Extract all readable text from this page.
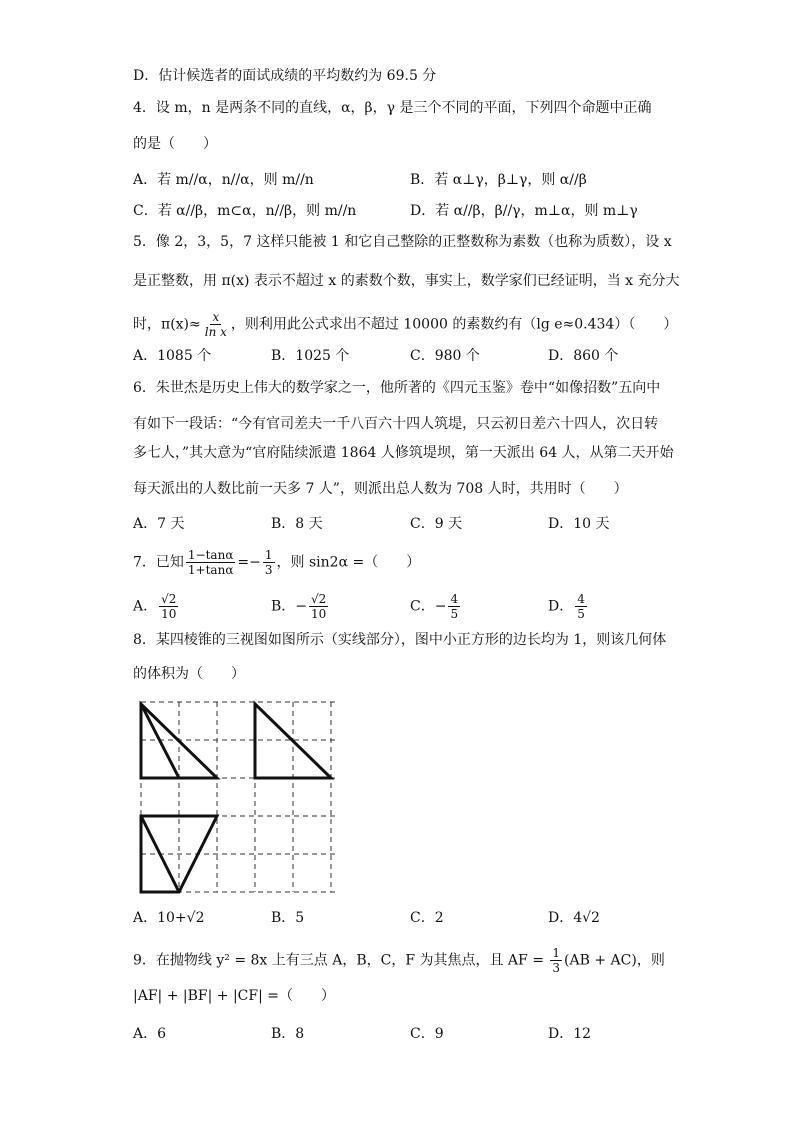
D．估计候选者的面试成绩的平均数约为 69.5 分
4．设 m，n 是两条不同的直线，α，β，γ 是三个不同的平面，下列四个命题中正确
的是（　　）
A．若 m//α，n//α，则 m//n	B．若 α⊥γ，β⊥γ，则 α//β
C．若 α//β，m⊂α，n//β，则 m//n	D．若 α//β，β//γ，m⊥α，则 m⊥γ
5．像 2，3，5，7 这样只能被 1 和它自己整除的正整数称为素数（也称为质数），设 x
是正整数，用 π(x) 表示不超过 x 的素数个数，事实上，数学家们已经证明，当 x 充分大
时，$\pi(x)\approx \frac{x}{\text{ln x}}$ ，则利用此公式求出不超过 10000 的素数约有（lg e≈0.434）（　　）
A．1085 个	B．1025 个	C．980 个	D．860 个
6．朱世杰是历史上伟大的数学家之一，他所著的《四元玉鉴》卷中“如像招数”五向中
有如下一段话：“今有官司差夫一千八百六十四人筑堤，只云初日差六十四人，次日转
多七人，”其大意为“官府陆续派遣 1864 人修筑堤坝，第一天派出 64 人，从第二天开始
每天派出的人数比前一天多 7 人”，则派出总人数为 708 人时，共用时（　　）
A．7 天	B．8 天	C．9 天	D．10 天
7．已知 $\frac{1-\tan\alpha}{1+\tan\alpha} =- \frac{1}{3}$ ，则 sin2α =（　　）
A． $\frac{√2}{10}$	B．− $\frac{√2}{10}$	C．− $\frac{4}{5}$	D． $\frac{4}{5}$
8．某四棱锥的三视图如图所示（实线部分），图中小正方形的边长均为 1，则该几何体
的体积为（　　）
A．10+√2	B．5	C．2	D．4√2
9．在抛物线 y² = 8x 上有三点 A，B，C，F 为其焦点，且 AF = $\frac{1}{3} (AB + AC)$，则
|AF| + |BF| + |CF| =（　　）
A．6	B．8	C．9	D．12
